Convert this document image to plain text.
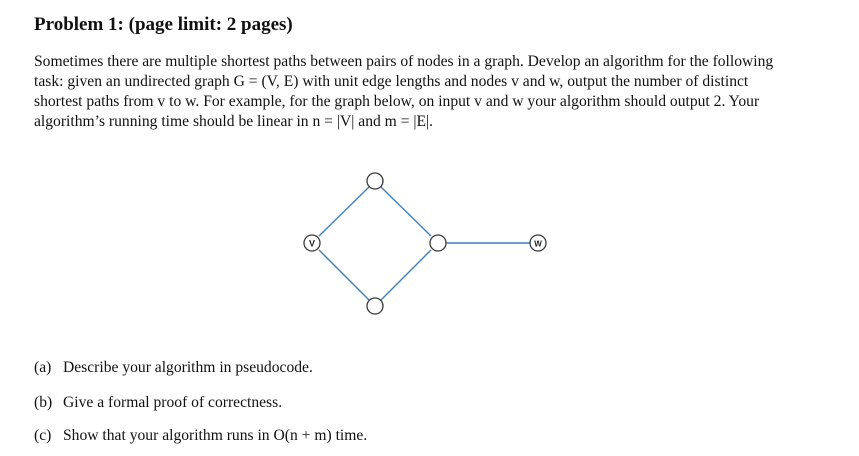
Problem 1: (page limit: 2 pages)
Sometimes there are multiple shortest paths between pairs of nodes in a graph. Develop an algorithm for the following
task: given an undirected graph G = (V, E) with unit edge lengths and nodes v and w, output the number of distinct
shortest paths from v to w. For example, for the graph below, on input v and w your algorithm should output 2. Your
algorithm’s running time should be linear in n = |V| and m = |E|.
V	W
(a) Describe your algorithm in pseudocode.
(b) Give a formal proof of correctness.
(c) Show that your algorithm runs in O(n + m) time.
